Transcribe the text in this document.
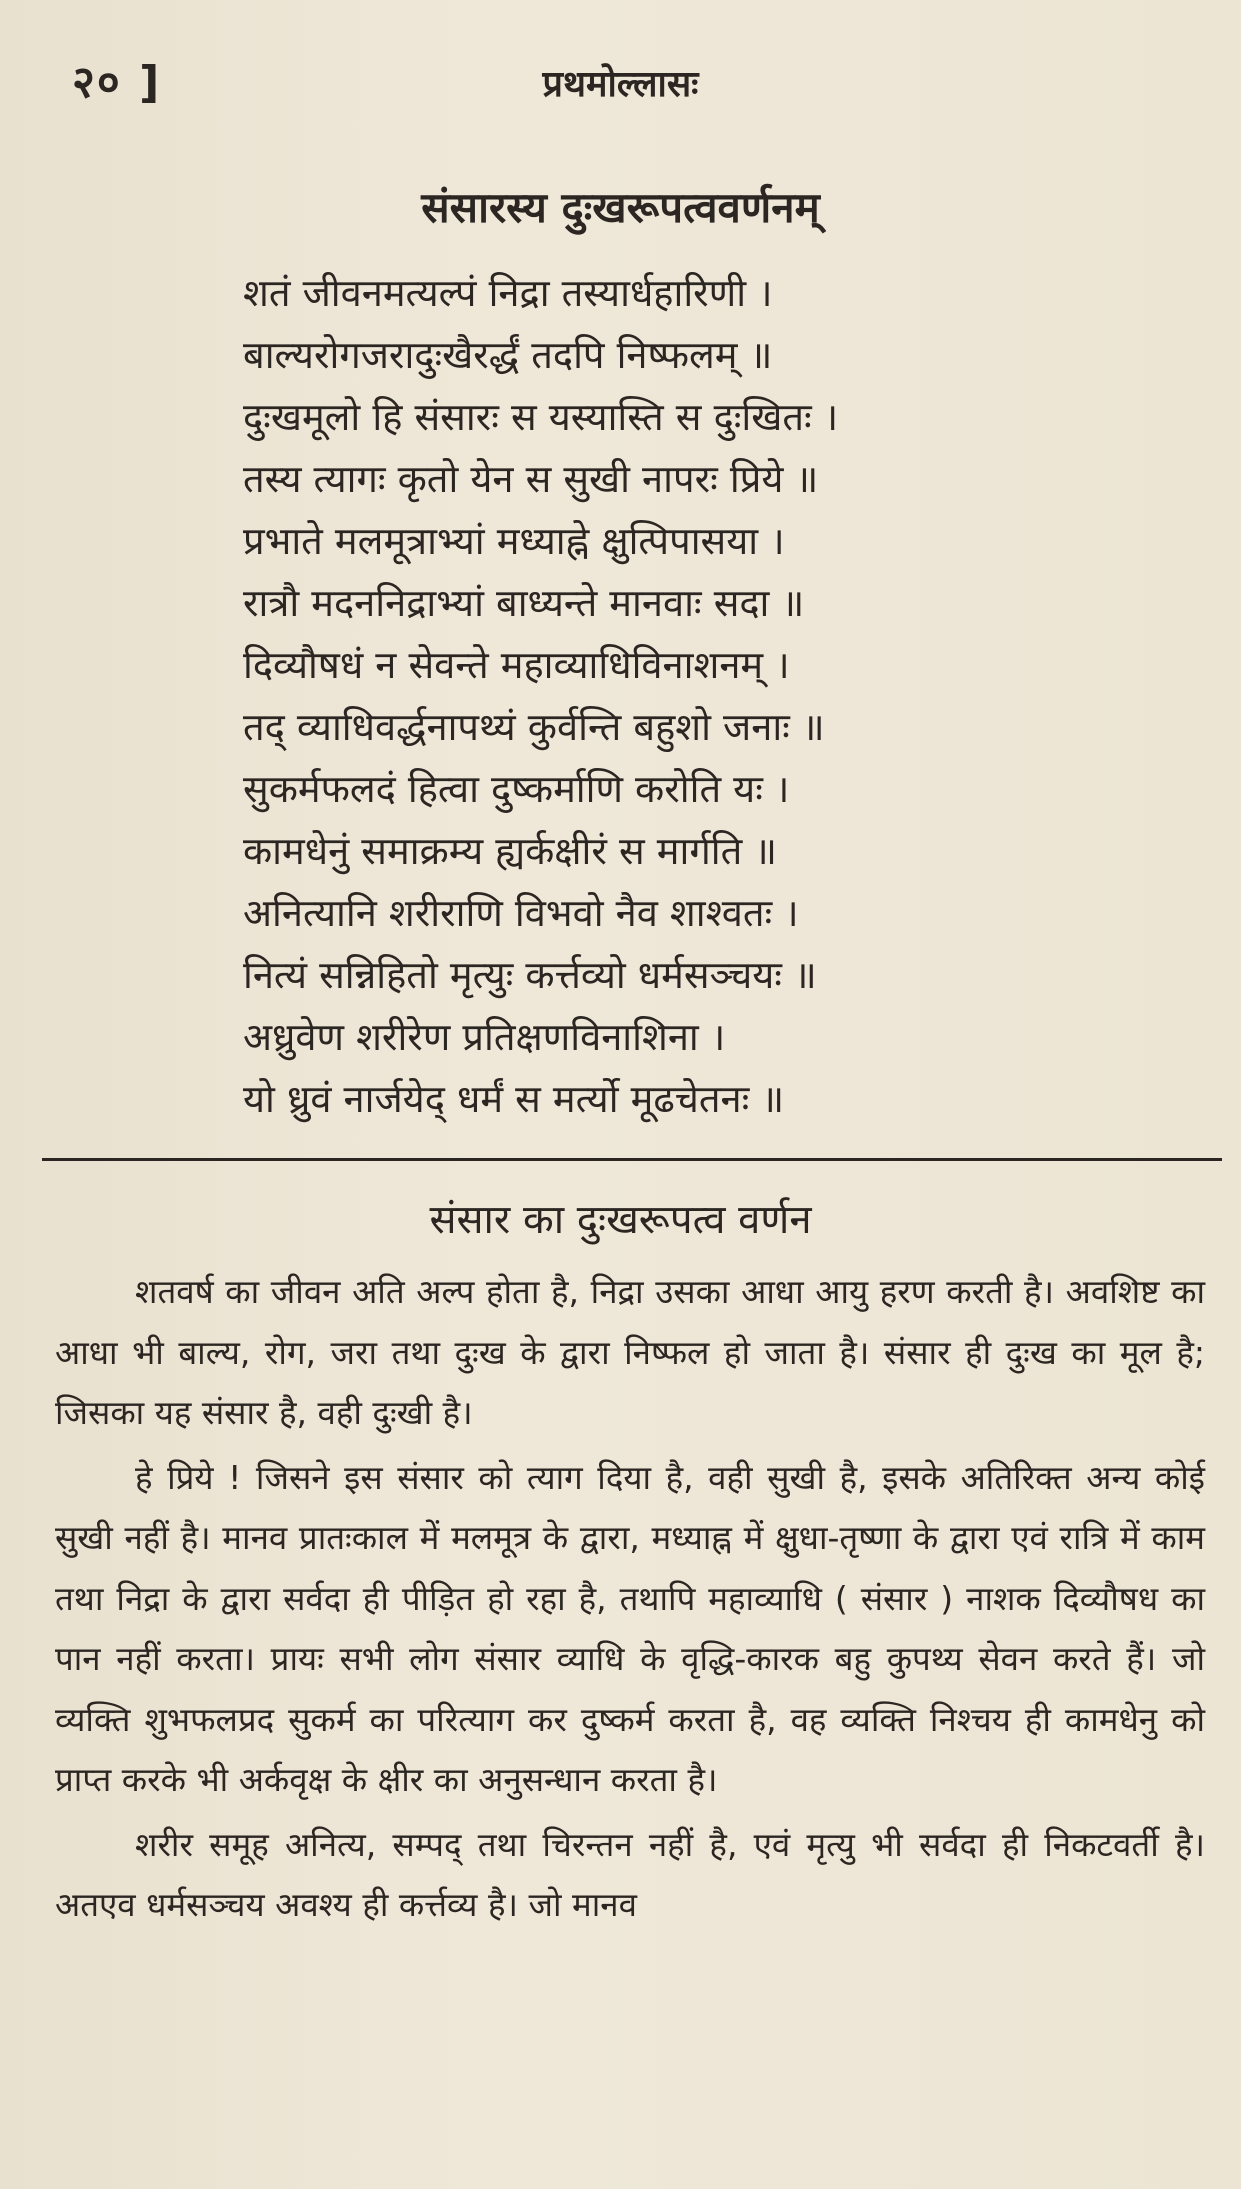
२० ]	प्रथमोल्लासः
संसारस्य दुःखरूपत्ववर्णनम्
शतं जीवनमत्यल्पं निद्रा तस्यार्धहारिणी ।
बाल्यरोगजरादुःखैरर्द्धं तदपि निष्फलम् ॥
दुःखमूलो हि संसारः स यस्यास्ति स दुःखितः ।
तस्य त्यागः कृतो येन स सुखी नापरः प्रिये ॥
प्रभाते मलमूत्राभ्यां मध्याह्ने क्षुत्पिपासया ।
रात्रौ मदननिद्राभ्यां बाध्यन्ते मानवाः सदा ॥
दिव्यौषधं न सेवन्ते महाव्याधिविनाशनम् ।
तद् व्याधिवर्द्धनापथ्यं कुर्वन्ति बहुशो जनाः ॥
सुकर्मफलदं हित्वा दुष्कर्माणि करोति यः ।
कामधेनुं समाक्रम्य ह्यर्कक्षीरं स मार्गति ॥
अनित्यानि शरीराणि विभवो नैव शाश्वतः ।
नित्यं सन्निहितो मृत्युः कर्त्तव्यो धर्मसञ्चयः ॥
अध्रुवेण शरीरेण प्रतिक्षणविनाशिना ।
यो ध्रुवं नार्जयेद् धर्मं स मर्त्यो मूढचेतनः ॥
संसार का दुःखरूपत्व वर्णन

शतवर्ष का जीवन अति अल्प होता है, निद्रा उसका आधा आयु हरण करती है। अवशिष्ट का आधा भी बाल्य, रोग, जरा तथा दुःख के द्वारा निष्फल हो जाता है। संसार ही दुःख का मूल है; जिसका यह संसार है, वही दुःखी है।

हे प्रिये ! जिसने इस संसार को त्याग दिया है, वही सुखी है, इसके अतिरिक्त अन्य कोई सुखी नहीं है। मानव प्रातःकाल में मलमूत्र के द्वारा, मध्याह्न में क्षुधा-तृष्णा के द्वारा एवं रात्रि में काम तथा निद्रा के द्वारा सर्वदा ही पीड़ित हो रहा है, तथापि महाव्याधि ( संसार ) नाशक दिव्यौषध का पान नहीं करता। प्रायः सभी लोग संसार व्याधि के वृद्धि-कारक बहु कुपथ्य सेवन करते हैं। जो व्यक्ति शुभफलप्रद सुकर्म का परित्याग कर दुष्कर्म करता है, वह व्यक्ति निश्चय ही कामधेनु को प्राप्त करके भी अर्कवृक्ष के क्षीर का अनुसन्धान करता है।

शरीर समूह अनित्य, सम्पद् तथा चिरन्तन नहीं है, एवं मृत्यु भी सर्वदा ही निकटवर्ती है। अतएव धर्मसञ्चय अवश्य ही कर्त्तव्य है। जो मानव
